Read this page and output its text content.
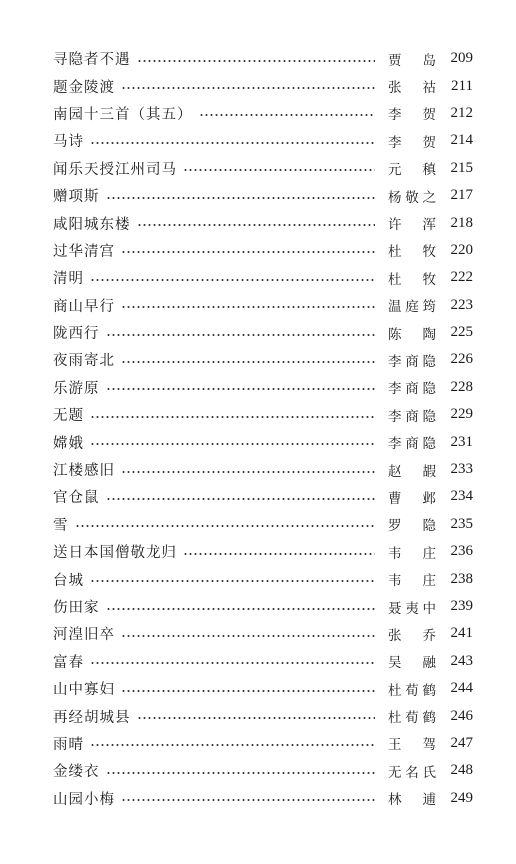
寻隐者不遇	贾岛 209
题金陵渡	张祜	211
南园十三首（其五）	李贺 212
马诗	李贺 214
闻乐天授江州司马	元稹 215
赠项斯	杨敬之 217
咸阳城东楼	许浑 218
过华清宫	杜牧 220
清明	杜牧 222
商山早行	温庭筠 223
陇西行	陈陶 225
夜雨寄北	李商隐 226
乐游原	李商隐 228
无题	李商隐 229
嫦娥	李商隐 231
江楼感旧	赵嘏 233
官仓鼠	曹邺 234
雪	罗隐 235
送日本国僧敬龙归	韦庄 236
台城	韦庄 238
伤田家	聂夷中 239
河湟旧卒	张乔 241
富春	吴融 243
山中寡妇	杜荀鹤 244
再经胡城县	杜荀鹤 246
雨晴	王驾 247
金缕衣	无名氏 248
山园小梅	林逋 249
